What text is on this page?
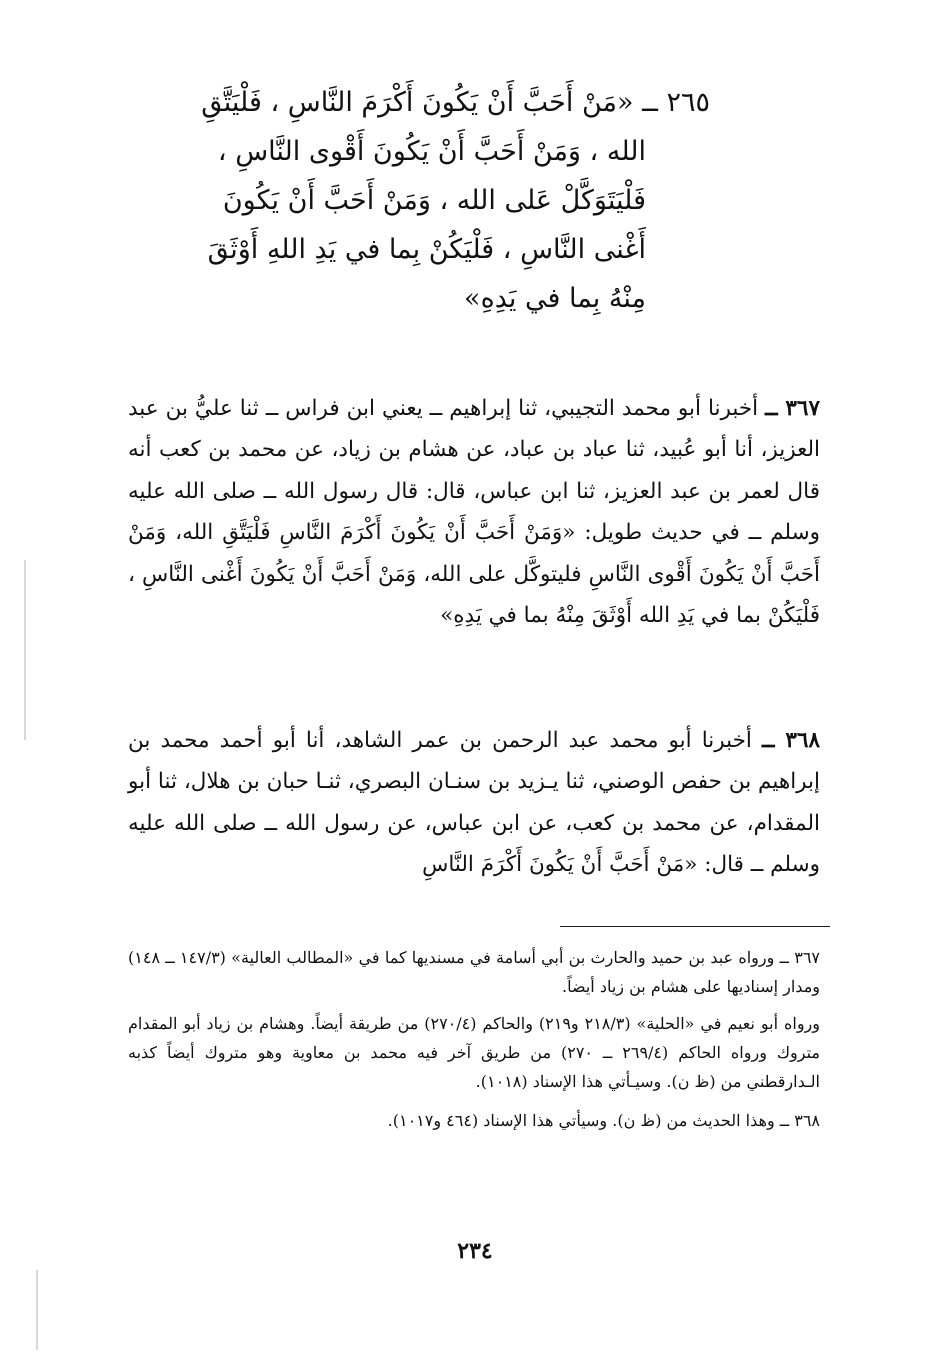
٢٦٥ ــ «مَنْ أَحَبَّ أَنْ يَكُونَ أَكْرَمَ النَّاسِ ، فَلْيَتَّقِ
الله ، وَمَنْ أَحَبَّ أَنْ يَكُونَ أَقْوى النَّاسِ ،
فَلْيَتَوَكَّلْ عَلى الله ، وَمَنْ أَحَبَّ أَنْ يَكُونَ
أَغْنى النَّاسِ ، فَلْيَكُنْ بِما في يَدِ اللهِ أَوْثَقَ
مِنْهُ بِما في يَدِهِ»

٣٦٧ ــ أخبرنا أبو محمد التجيبي، ثنا إبراهيم ــ يعني ابن فراس ــ ثنا عليُّ بن عبد العزيز، أنا أبو عُبيد، ثنا عباد بن عباد، عن هشام بن زياد، عن محمد بن كعب أنه قال لعمر بن عبد العزيز، ثنا ابن عباس، قال: قال رسول الله ــ صلى الله عليه وسلم ــ في حديث طويل: «وَمَنْ أَحَبَّ أَنْ يَكُونَ أَكْرَمَ النَّاسِ فَلْيَتَّقِ الله، وَمَنْ أَحَبَّ أَنْ يَكُونَ أَقْوى النَّاسِ فليتوكَّل على الله، وَمَنْ أَحَبَّ أَنْ يَكُونَ أَغْنى النَّاسِ ، فَلْيَكُنْ بما في يَدِ الله أَوْثَقَ مِنْهُ بما في يَدِهِ»

٣٦٨ ــ أخبرنا أبو محمد عبد الرحمن بن عمر الشاهد، أنا أبو أحمد محمد بن إبراهيم بن حفص الوصني، ثنا يـزيد بن سنـان البصري، ثنـا حبان بن هلال، ثنا أبو المقدام، عن محمد بن كعب، عن ابن عباس، عن رسول الله ــ صلى الله عليه وسلم ــ قال: «مَنْ أَحَبَّ أَنْ يَكُونَ أَكْرَمَ النَّاسِ

٣٦٧ ــ ورواه عبد بن حميد والحارث بن أبي أسامة في مسنديها كما في «المطالب العالية» (١٤٧/٣ ــ ١٤٨) ومدار إسناديها على هشام بن زياد أيضاً.

ورواه أبو نعيم في «الحلية» (٢١٨/٣ و٢١٩) والحاكم (٢٧٠/٤) من طريقة أيضاً. وهشام بن زياد أبو المقدام متروك ورواه الحاكم (٢٦٩/٤ ــ ٢٧٠) من طريق آخر فيه محمد بن معاوية وهو متروك أيضاً كذبه الـدارقطني من (ظ ن). وسيـأتي هذا الإسناد (١٠١٨).

٣٦٨ ــ وهذا الحديث من (ظ ن). وسيأتي هذا الإسناد (٤٦٤ و١٠١٧).

٢٣٤
